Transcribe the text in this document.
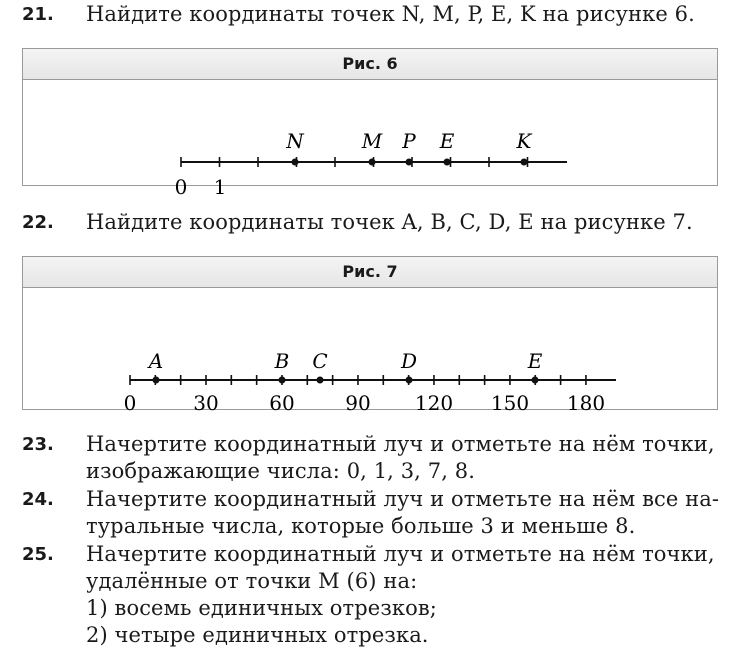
21. Найдите координаты точек N, M, P, E, K на рисунке 6.
Рис. 6
0 1
N	M P E	K
22. Найдите координаты точек A, B, C, D, E на рисунке 7.
Рис. 7
0	30	60	90 120 150 180
A	B C	D	E
23. Начертите координатный луч и отметьте на нём точки,
изображающие числа: 0, 1, 3, 7, 8.
24. Начертите координатный луч и отметьте на нём все на-
туральные числа, которые больше 3 и меньше 8.
25. Начертите координатный луч и отметьте на нём точки,
удалённые от точки M (6) на:
1) восемь единичных отрезков;
2) четыре единичных отрезка.
